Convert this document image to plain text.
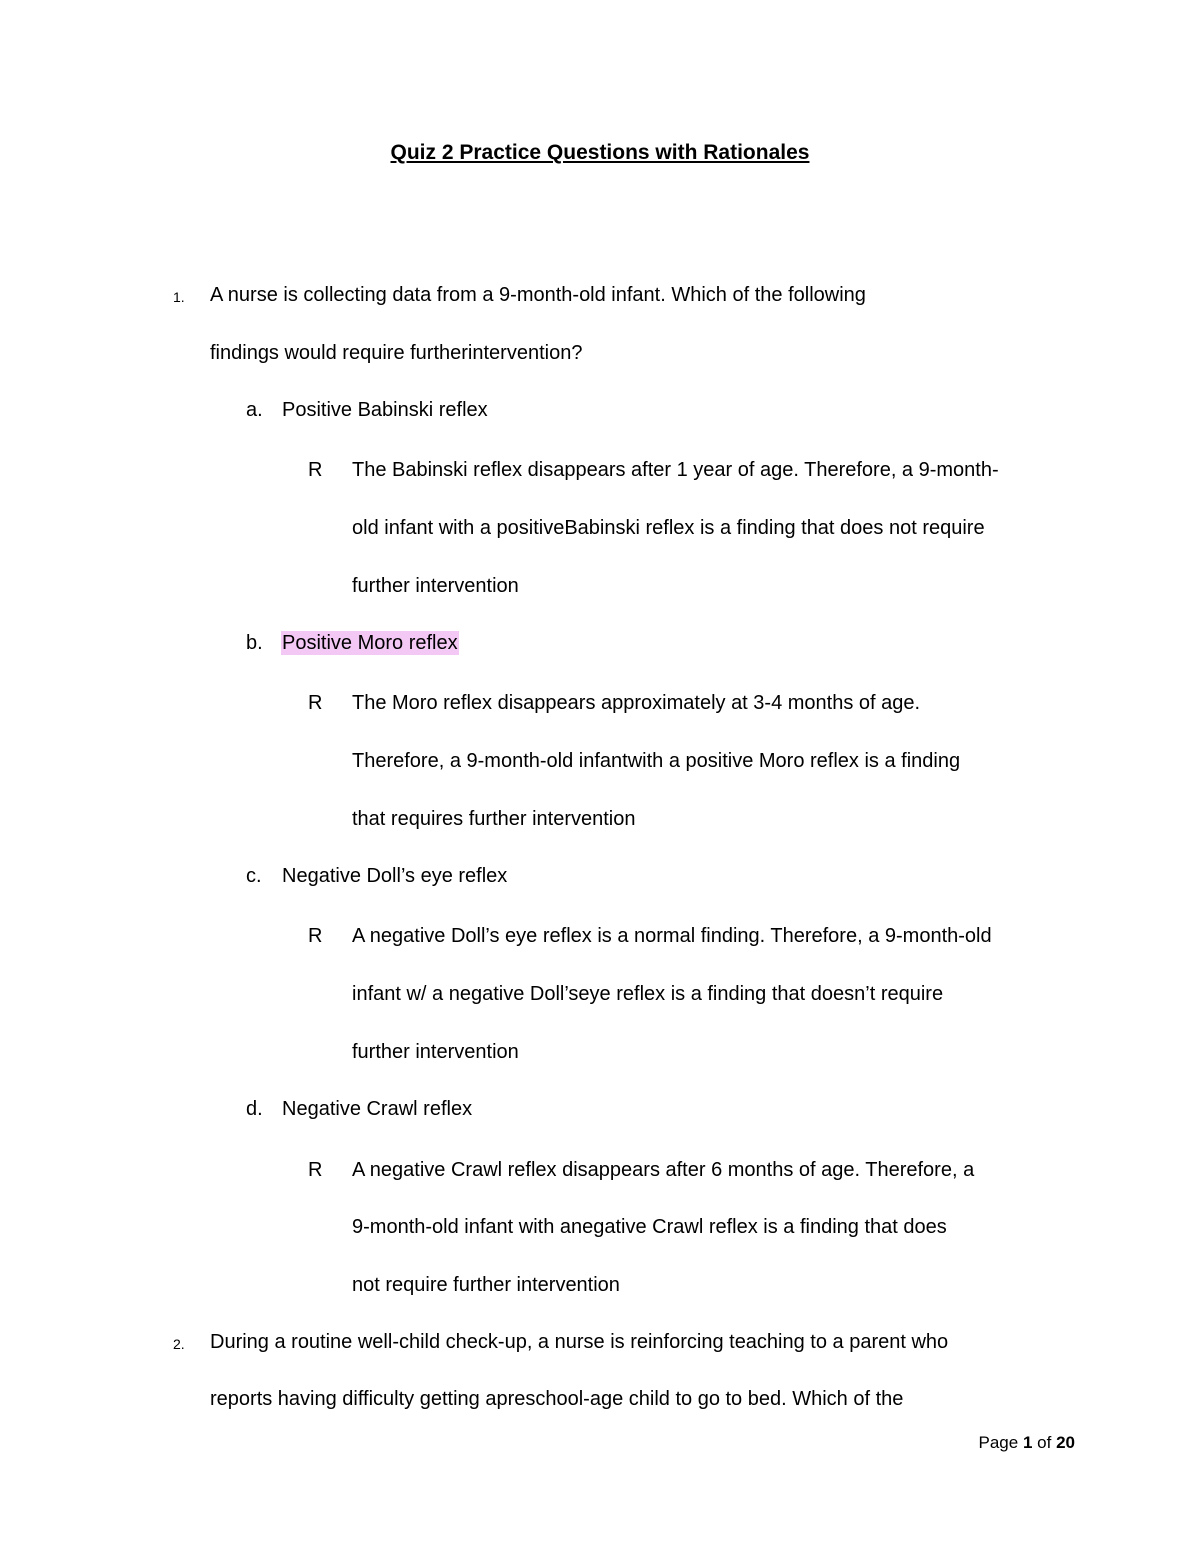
Quiz 2 Practice Questions with Rationales
1. A nurse is collecting data from a 9-month-old infant. Which of the following
findings would require furtherintervention?
a. Positive Babinski reflex
R The Babinski reflex disappears after 1 year of age. Therefore, a 9-month-
old infant with a positiveBabinski reflex is a finding that does not require
further intervention
b. Positive Moro reflex
R The Moro reflex disappears approximately at 3-4 months of age.
Therefore, a 9-month-old infantwith a positive Moro reflex is a finding
that requires further intervention
c. Negative Doll’s eye reflex
R A negative Doll’s eye reflex is a normal finding. Therefore, a 9-month-old
infant w/ a negative Doll’seye reflex is a finding that doesn’t require
further intervention
d. Negative Crawl reflex
R A negative Crawl reflex disappears after 6 months of age. Therefore, a
9-month-old infant with anegative Crawl reflex is a finding that does
not require further intervention
2. During a routine well-child check-up, a nurse is reinforcing teaching to a parent who
reports having difficulty getting apreschool-age child to go to bed. Which of the
Page 1 of 20
